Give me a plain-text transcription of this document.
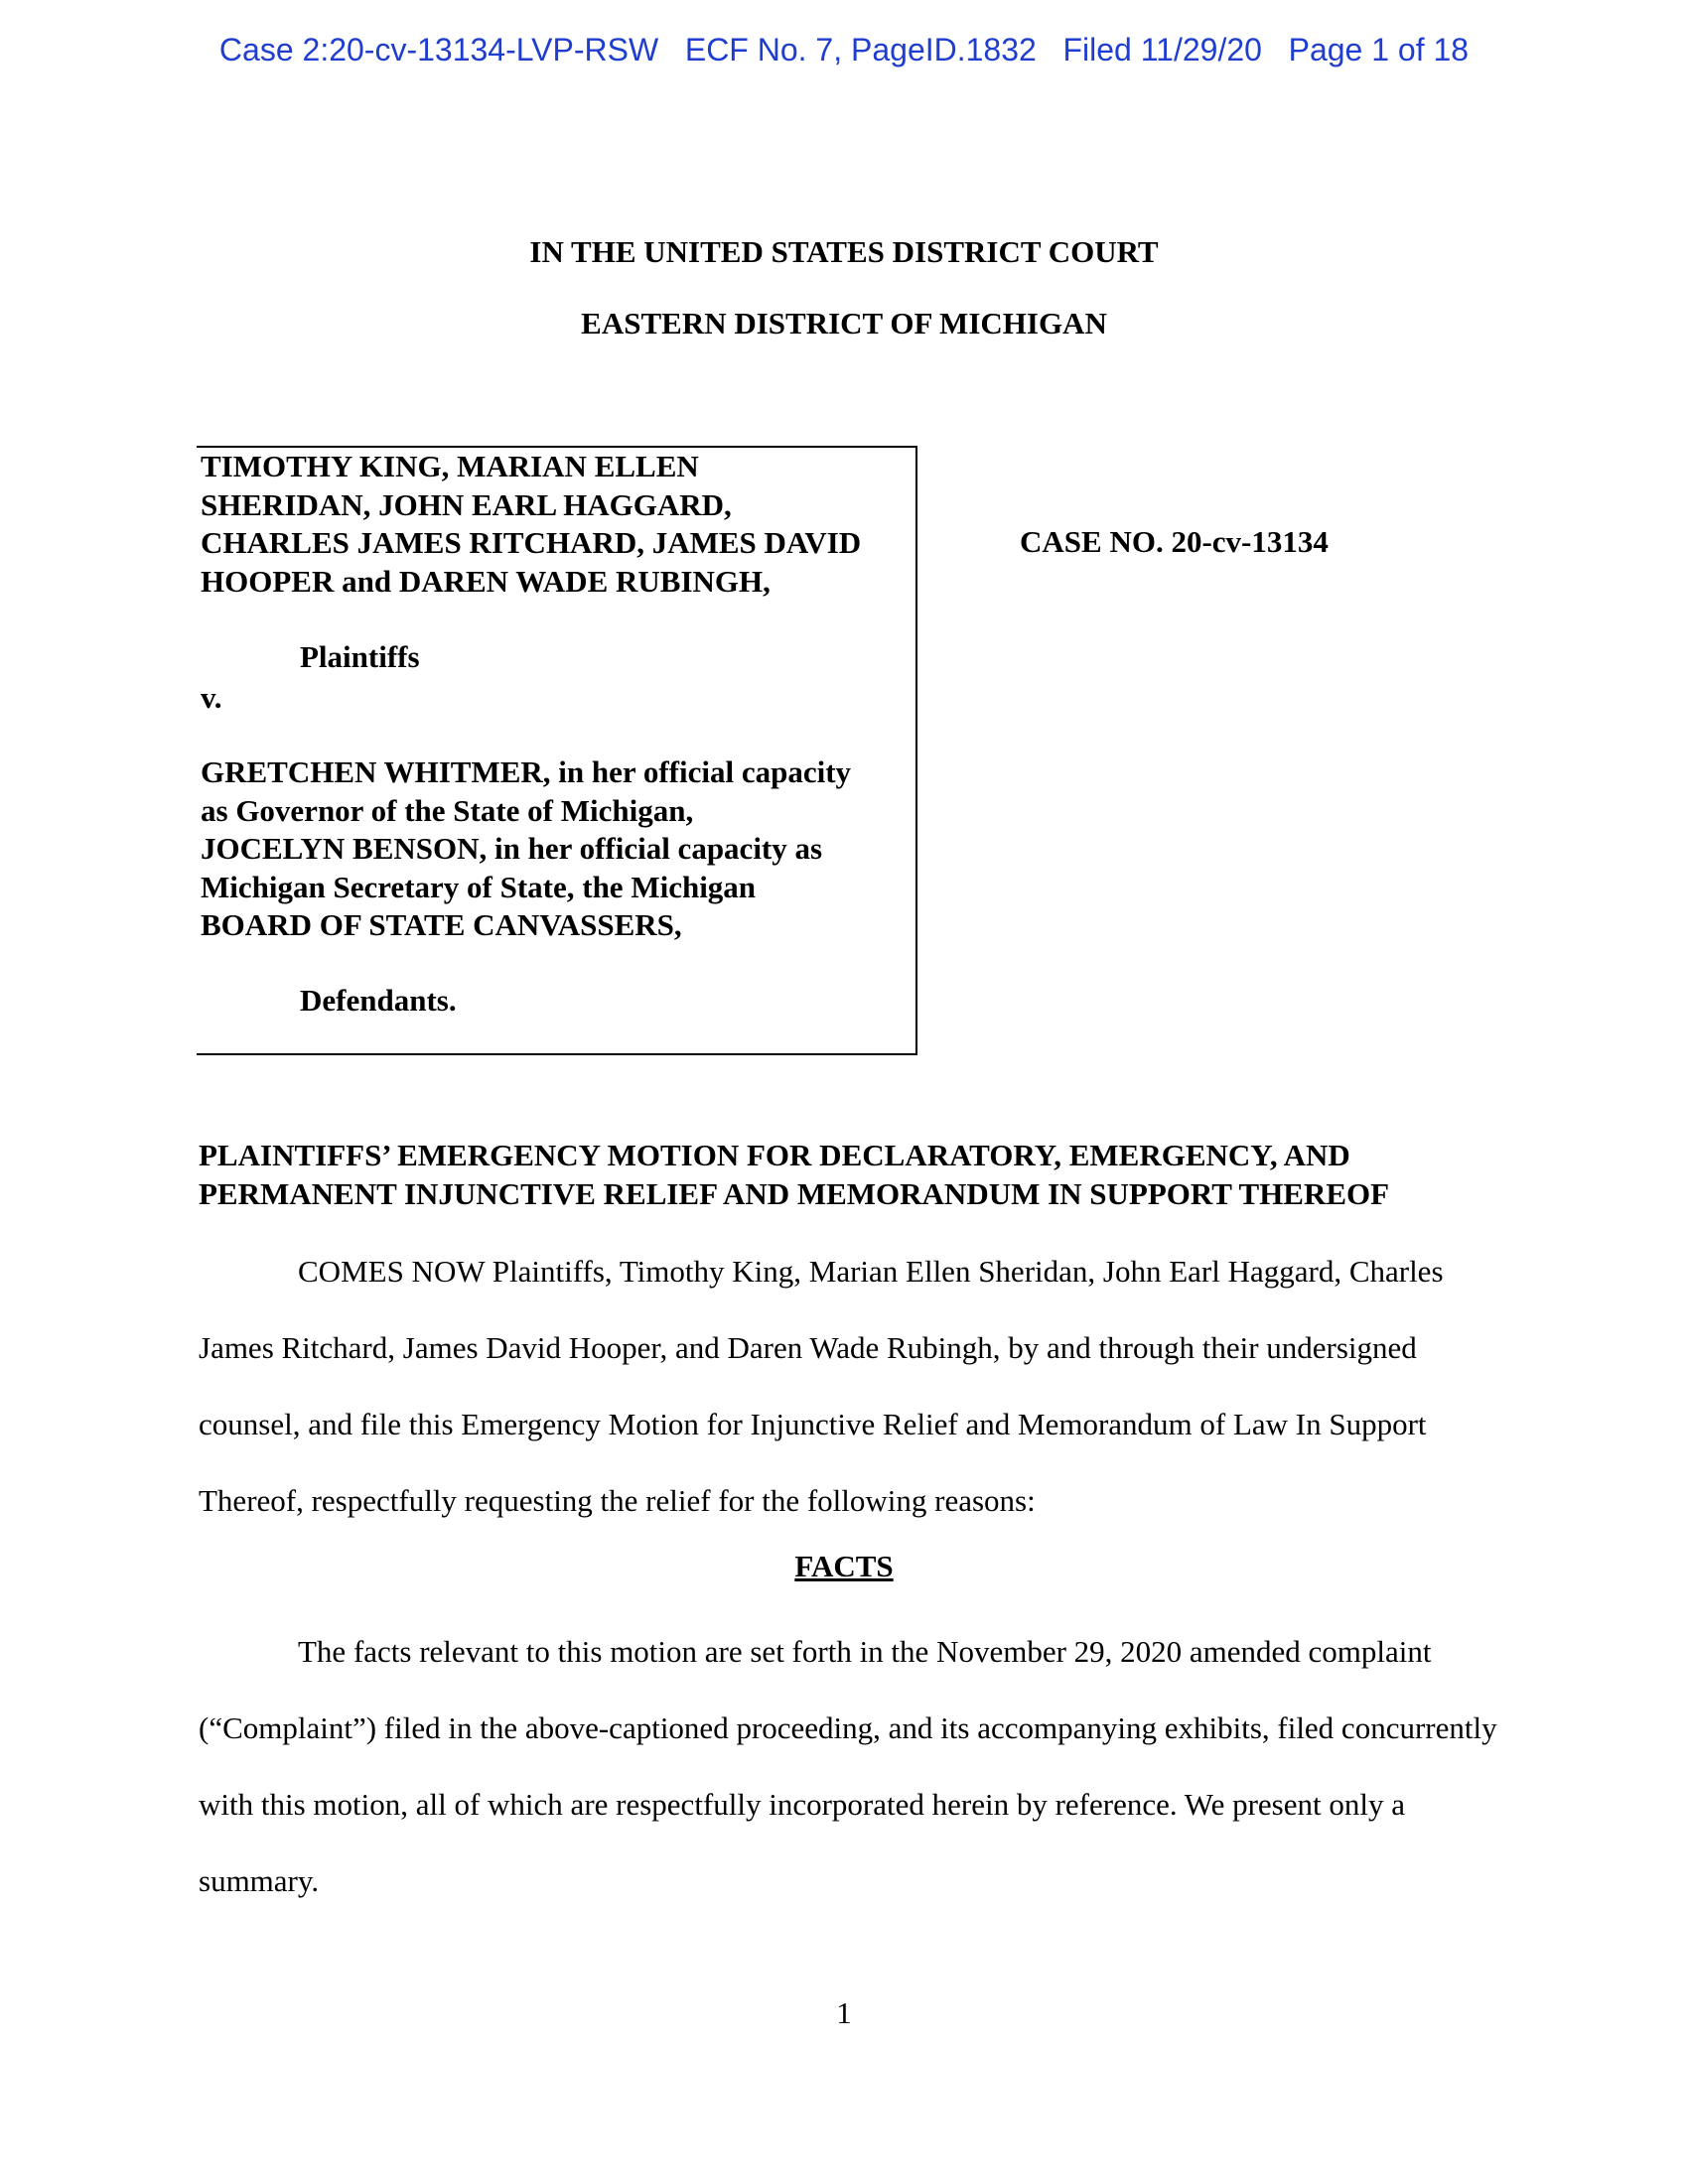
Case 2:20-cv-13134-LVP-RSW   ECF No. 7, PageID.1832   Filed 11/29/20   Page 1 of 18
IN THE UNITED STATES DISTRICT COURT
EASTERN DISTRICT OF MICHIGAN
TIMOTHY KING, MARIAN ELLEN
SHERIDAN, JOHN EARL HAGGARD,
CHARLES JAMES RITCHARD, JAMES DAVID
HOOPER and DAREN WADE RUBINGH,
Plaintiffs
v.
GRETCHEN WHITMER, in her official capacity
as Governor of the State of Michigan,
JOCELYN BENSON, in her official capacity as
Michigan Secretary of State, the Michigan
BOARD OF STATE CANVASSERS,
Defendants.
CASE NO. 20-cv-13134
PLAINTIFFS’ EMERGENCY MOTION FOR DECLARATORY, EMERGENCY, AND
PERMANENT INJUNCTIVE RELIEF AND MEMORANDUM IN SUPPORT THEREOF

COMES NOW Plaintiffs, Timothy King, Marian Ellen Sheridan, John Earl Haggard, Charles James Ritchard, James David Hooper, and Daren Wade Rubingh, by and through their undersigned counsel, and file this Emergency Motion for Injunctive Relief and Memorandum of Law In Support Thereof, respectfully requesting the relief for the following reasons:

FACTS

The facts relevant to this motion are set forth in the November 29, 2020 amended complaint (“Complaint”) filed in the above-captioned proceeding, and its accompanying exhibits, filed concurrently with this motion, all of which are respectfully incorporated herein by reference. We present only a summary.

1
